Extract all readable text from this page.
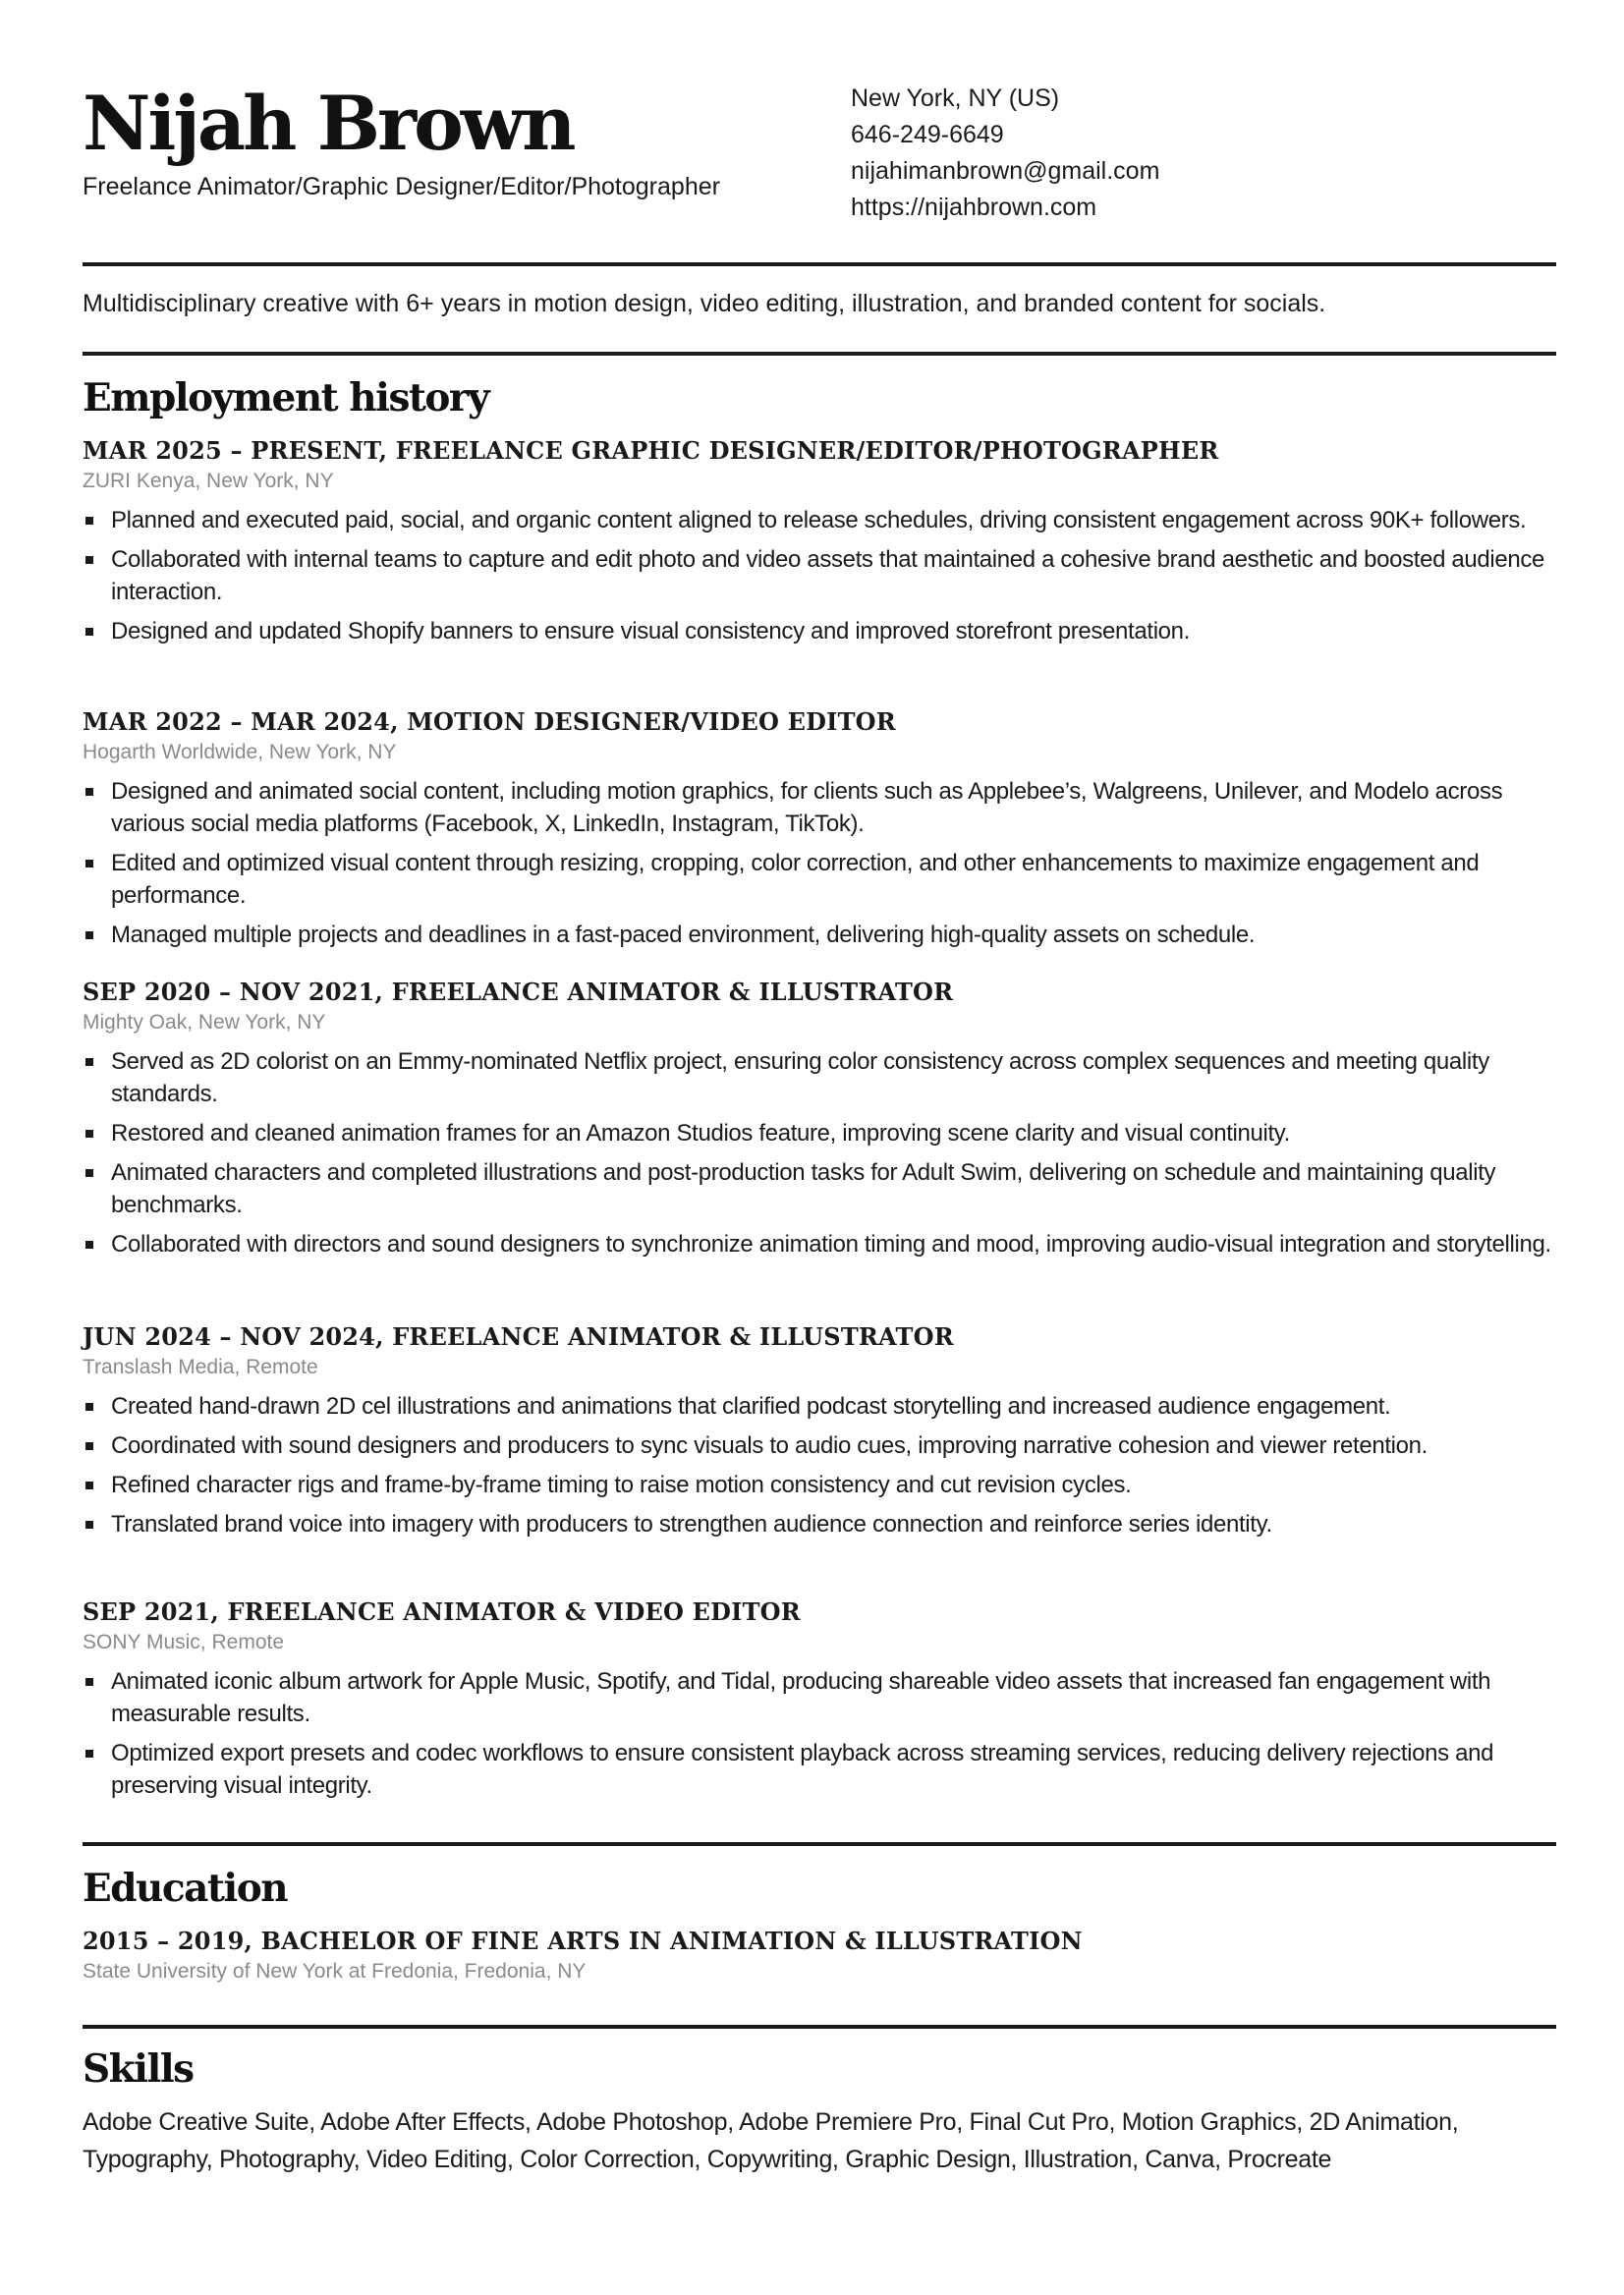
Nijah Brown
Freelance Animator/Graphic Designer/Editor/Photographer
New York, NY (US)
646-249-6649
nijahimanbrown@gmail.com
https://nijahbrown.com
Multidisciplinary creative with 6+ years in motion design, video editing, illustration, and branded content for socials.
Employment history
MAR 2025 – PRESENT, FREELANCE GRAPHIC DESIGNER/EDITOR/PHOTOGRAPHER
ZURI Kenya, New York, NY
Planned and executed paid, social, and organic content aligned to release schedules, driving consistent engagement across 90K+ followers.
Collaborated with internal teams to capture and edit photo and video assets that maintained a cohesive brand aesthetic and boosted audience interaction.
Designed and updated Shopify banners to ensure visual consistency and improved storefront presentation.
MAR 2022 – MAR 2024, MOTION DESIGNER/VIDEO EDITOR
Hogarth Worldwide, New York, NY
Designed and animated social content, including motion graphics, for clients such as Applebee’s, Walgreens, Unilever, and Modelo across various social media platforms (Facebook, X, LinkedIn, Instagram, TikTok).
Edited and optimized visual content through resizing, cropping, color correction, and other enhancements to maximize engagement and performance.
Managed multiple projects and deadlines in a fast-paced environment, delivering high-quality assets on schedule.
SEP 2020 – NOV 2021, FREELANCE ANIMATOR & ILLUSTRATOR
Mighty Oak, New York, NY
Served as 2D colorist on an Emmy-nominated Netflix project, ensuring color consistency across complex sequences and meeting quality standards.
Restored and cleaned animation frames for an Amazon Studios feature, improving scene clarity and visual continuity.
Animated characters and completed illustrations and post-production tasks for Adult Swim, delivering on schedule and maintaining quality benchmarks.
Collaborated with directors and sound designers to synchronize animation timing and mood, improving audio-visual integration and storytelling.
JUN 2024 – NOV 2024, FREELANCE ANIMATOR & ILLUSTRATOR
Translash Media, Remote
Created hand-drawn 2D cel illustrations and animations that clarified podcast storytelling and increased audience engagement.
Coordinated with sound designers and producers to sync visuals to audio cues, improving narrative cohesion and viewer retention.
Refined character rigs and frame-by-frame timing to raise motion consistency and cut revision cycles.
Translated brand voice into imagery with producers to strengthen audience connection and reinforce series identity.
SEP 2021, FREELANCE ANIMATOR & VIDEO EDITOR
SONY Music, Remote
Animated iconic album artwork for Apple Music, Spotify, and Tidal, producing shareable video assets that increased fan engagement with measurable results.
Optimized export presets and codec workflows to ensure consistent playback across streaming services, reducing delivery rejections and preserving visual integrity.
Education
2015 – 2019, BACHELOR OF FINE ARTS IN ANIMATION & ILLUSTRATION
State University of New York at Fredonia, Fredonia, NY
Skills
Adobe Creative Suite, Adobe After Effects, Adobe Photoshop, Adobe Premiere Pro, Final Cut Pro, Motion Graphics, 2D Animation, Typography, Photography, Video Editing, Color Correction, Copywriting, Graphic Design, Illustration, Canva, Procreate
